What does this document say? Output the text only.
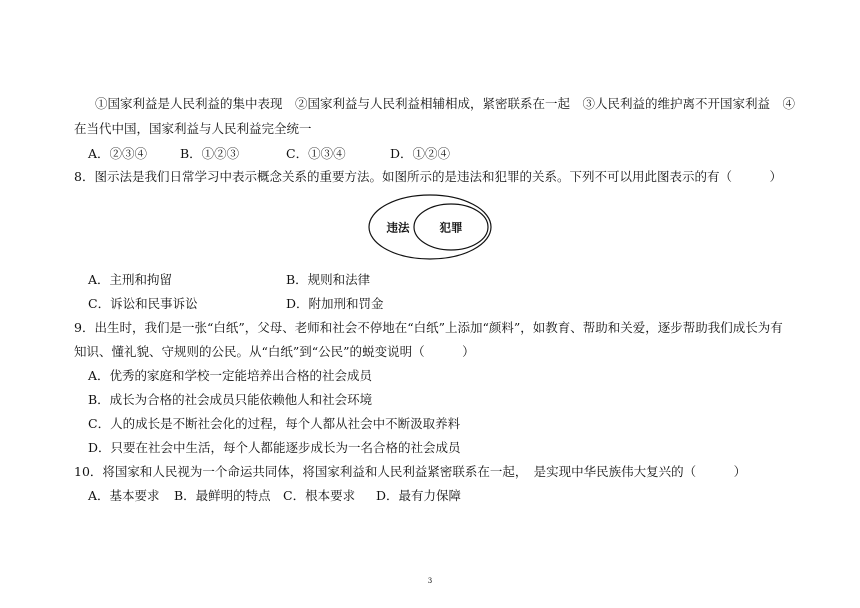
①国家利益是人民利益的集中表现　②国家利益与人民利益相辅相成，紧密联系在一起　③人民利益的维护离不开国家利益　④
在当代中国，国家利益与人民利益完全统一
A．②③④	B．①②③	C．①③④	D．①②④
8．图示法是我们日常学习中表示概念关系的重要方法。如图所示的是违法和犯罪的关系。下列不可以用此图表示的有（　　　）
违法	犯罪
A．主刑和拘留	B．规则和法律
C．诉讼和民事诉讼	D．附加刑和罚金
9．出生时，我们是一张“白纸”，父母、老师和社会不停地在“白纸”上添加“颜料”，如教育、帮助和关爱，逐步帮助我们成长为有
知识、懂礼貌、守规则的公民。从“白纸”到“公民”的蜕变说明（　　　）
A．优秀的家庭和学校一定能培养出合格的社会成员
B．成长为合格的社会成员只能依赖他人和社会环境
C．人的成长是不断社会化的过程，每个人都从社会中不断汲取养料
D．只要在社会中生活，每个人都能逐步成长为一名合格的社会成员
10．将国家和人民视为一个命运共同体，将国家利益和人民利益紧密联系在一起，　是实现中华民族伟大复兴的（　　　）
A．基本要求 B．最鲜明的特点 C．根本要求 D．最有力保障
3
